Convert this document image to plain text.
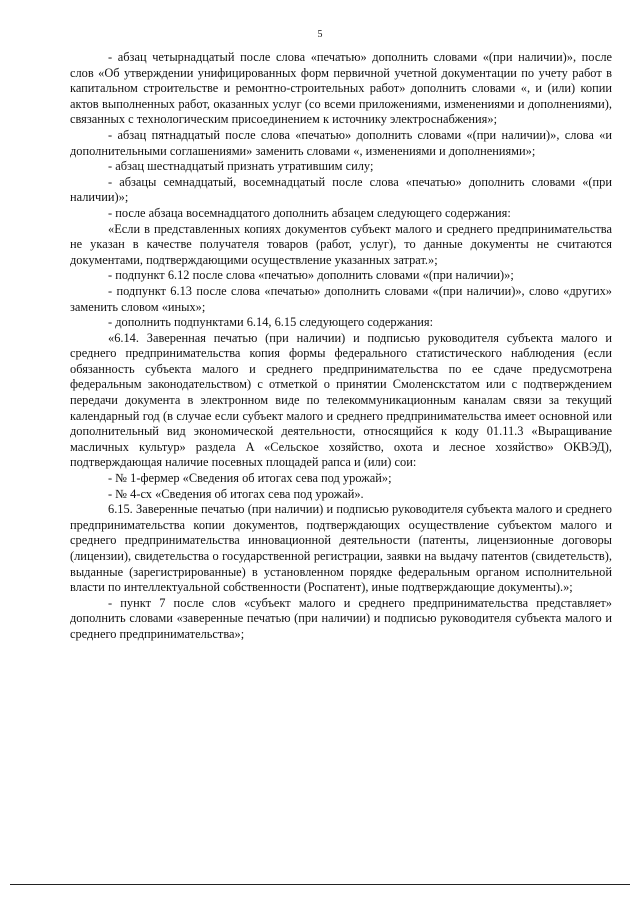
5

- абзац четырнадцатый после слова «печатью» дополнить словами «(при наличии)», после слов «Об утверждении унифицированных форм первичной учетной документации по учету работ в капитальном строительстве и ремонтно-строительных работ» дополнить словами «, и (или) копии актов выполненных работ, оказанных услуг (со всеми приложениями, изменениями и дополнениями), связанных с технологическим присоединением к источнику электроснабжения»;

- абзац пятнадцатый после слова «печатью» дополнить словами «(при наличии)», слова «и дополнительными соглашениями» заменить словами «, изменениями и дополнениями»;

- абзац шестнадцатый признать утратившим силу;

- абзацы семнадцатый, восемнадцатый после слова «печатью» дополнить словами «(при наличии)»;

- после абзаца восемнадцатого дополнить абзацем следующего содержания:

«Если в представленных копиях документов субъект малого и среднего предпринимательства не указан в качестве получателя товаров (работ, услуг), то данные документы не считаются документами, подтверждающими осуществление указанных затрат.»;

- подпункт 6.12 после слова «печатью» дополнить словами «(при наличии)»;

- подпункт 6.13 после слова «печатью» дополнить словами «(при наличии)», слово «других» заменить словом «иных»;

- дополнить подпунктами 6.14, 6.15 следующего содержания:

«6.14. Заверенная печатью (при наличии) и подписью руководителя субъекта малого и среднего предпринимательства копия формы федерального статистического наблюдения (если обязанность субъекта малого и среднего предпринимательства по ее сдаче предусмотрена федеральным законодательством) с отметкой о принятии Смоленскстатом или с подтверждением передачи документа в электронном виде по телекоммуникационным каналам связи за текущий календарный год (в случае если субъект малого и среднего предпринимательства имеет основной или дополнительный вид экономической деятельности, относящийся к коду 01.11.3 «Выращивание масличных культур» раздела A «Сельское хозяйство, охота и лесное хозяйство» ОКВЭД), подтверждающая наличие посевных площадей рапса и (или) сои:

- № 1-фермер «Сведения об итогах сева под урожай»;

- № 4-сх «Сведения об итогах сева под урожай».

6.15. Заверенные печатью (при наличии) и подписью руководителя субъекта малого и среднего предпринимательства копии документов, подтверждающих осуществление субъектом малого и среднего предпринимательства инновационной деятельности (патенты, лицензионные договоры (лицензии), свидетельства о государственной регистрации, заявки на выдачу патентов (свидетельств), выданные (зарегистрированные) в установленном порядке федеральным органом исполнительной власти по интеллектуальной собственности (Роспатент), иные подтверждающие документы).»;

- пункт 7 после слов «субъект малого и среднего предпринимательства представляет» дополнить словами «заверенные печатью (при наличии) и подписью руководителя субъекта малого и среднего предпринимательства»;
